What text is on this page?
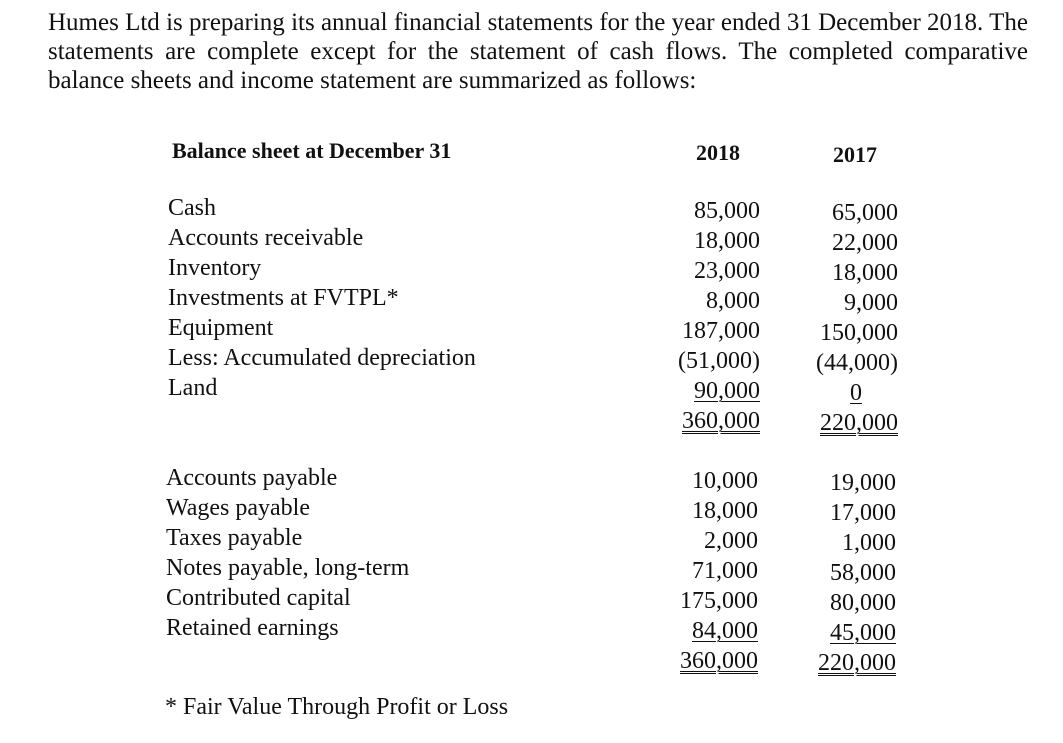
Humes Ltd is preparing its annual financial statements for the year ended 31 December 2018. The statements are complete except for the statement of cash flows. The completed comparative balance sheets and income statement are summarized as follows:

Balance sheet at December 31	2018	2017
Cash
Accounts receivable
Inventory
Investments at FVTPL*
Equipment
Less: Accumulated depreciation
Land
85,000
18,000
23,000
8,000
187,000
(51,000)
90,000
360,000
65,000
22,000
18,000
9,000
150,000
(44,000)
0
220,000
Accounts payable
Wages payable
Taxes payable
Notes payable, long-term
Contributed capital
Retained earnings
10,000
18,000
2,000
71,000
175,000
84,000
360,000
19,000
17,000
1,000
58,000
80,000
45,000
220,000
* Fair Value Through Profit or Loss
